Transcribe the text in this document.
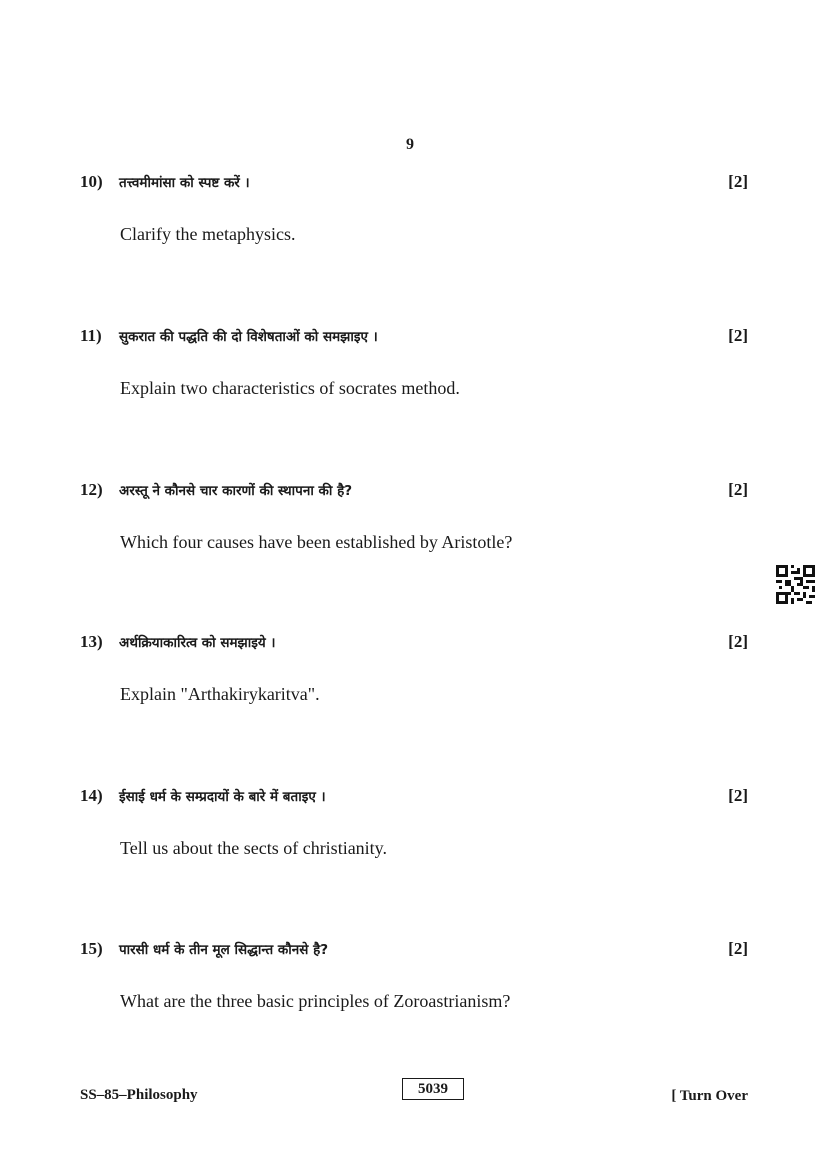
9
10) तत्त्वमीमांसा को स्पष्ट करें ।	[2]
Clarify the metaphysics.
11) सुकरात की पद्धति की दो विशेषताओं को समझाइए ।	[2]
Explain two characteristics of socrates method.
12) अरस्तू ने कौनसे चार कारणों की स्थापना की है?	[2]
Which four causes have been established by Aristotle?
13) अर्थक्रियाकारित्व को समझाइये ।	[2]
Explain "Arthakirykaritva".
14) ईसाई धर्म के सम्प्रदायों के बारे में बताइए ।	[2]
Tell us about the sects of christianity.
15) पारसी धर्म के तीन मूल सिद्धान्त कौनसे है?	[2]
What are the three basic principles of Zoroastrianism?
SS–85–Philosophy	5039	[ Turn Over
